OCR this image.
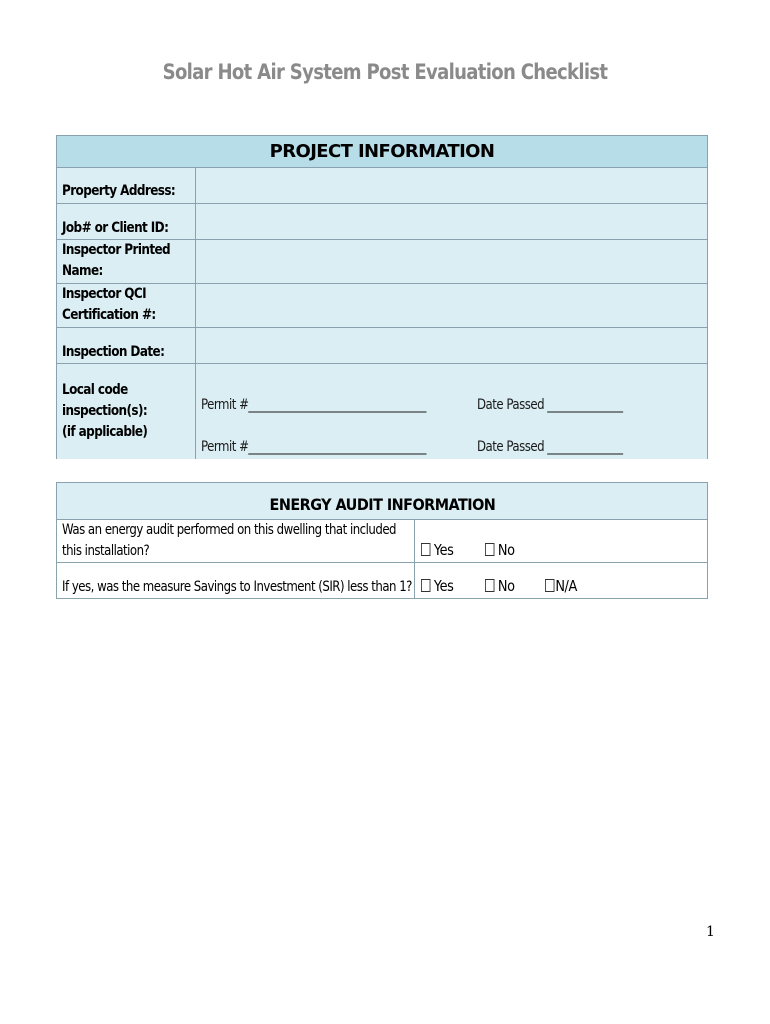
Solar Hot Air System Post Evaluation Checklist
PROJECT INFORMATION
Property Address:
Job# or Client ID:
Inspector Printed
Name:
Inspector QCI
Certification #:
Inspection Date:
Local code
inspection(s):
(if applicable)
Permit #_________________________________	Date Passed ______________
Permit #_________________________________	Date Passed ______________
ENERGY AUDIT INFORMATION
Was an energy audit performed on this dwelling that included
this installation?	Yes	No
If yes, was the measure Savings to Investment (SIR) less than 1?	Yes	No	N/A
1
